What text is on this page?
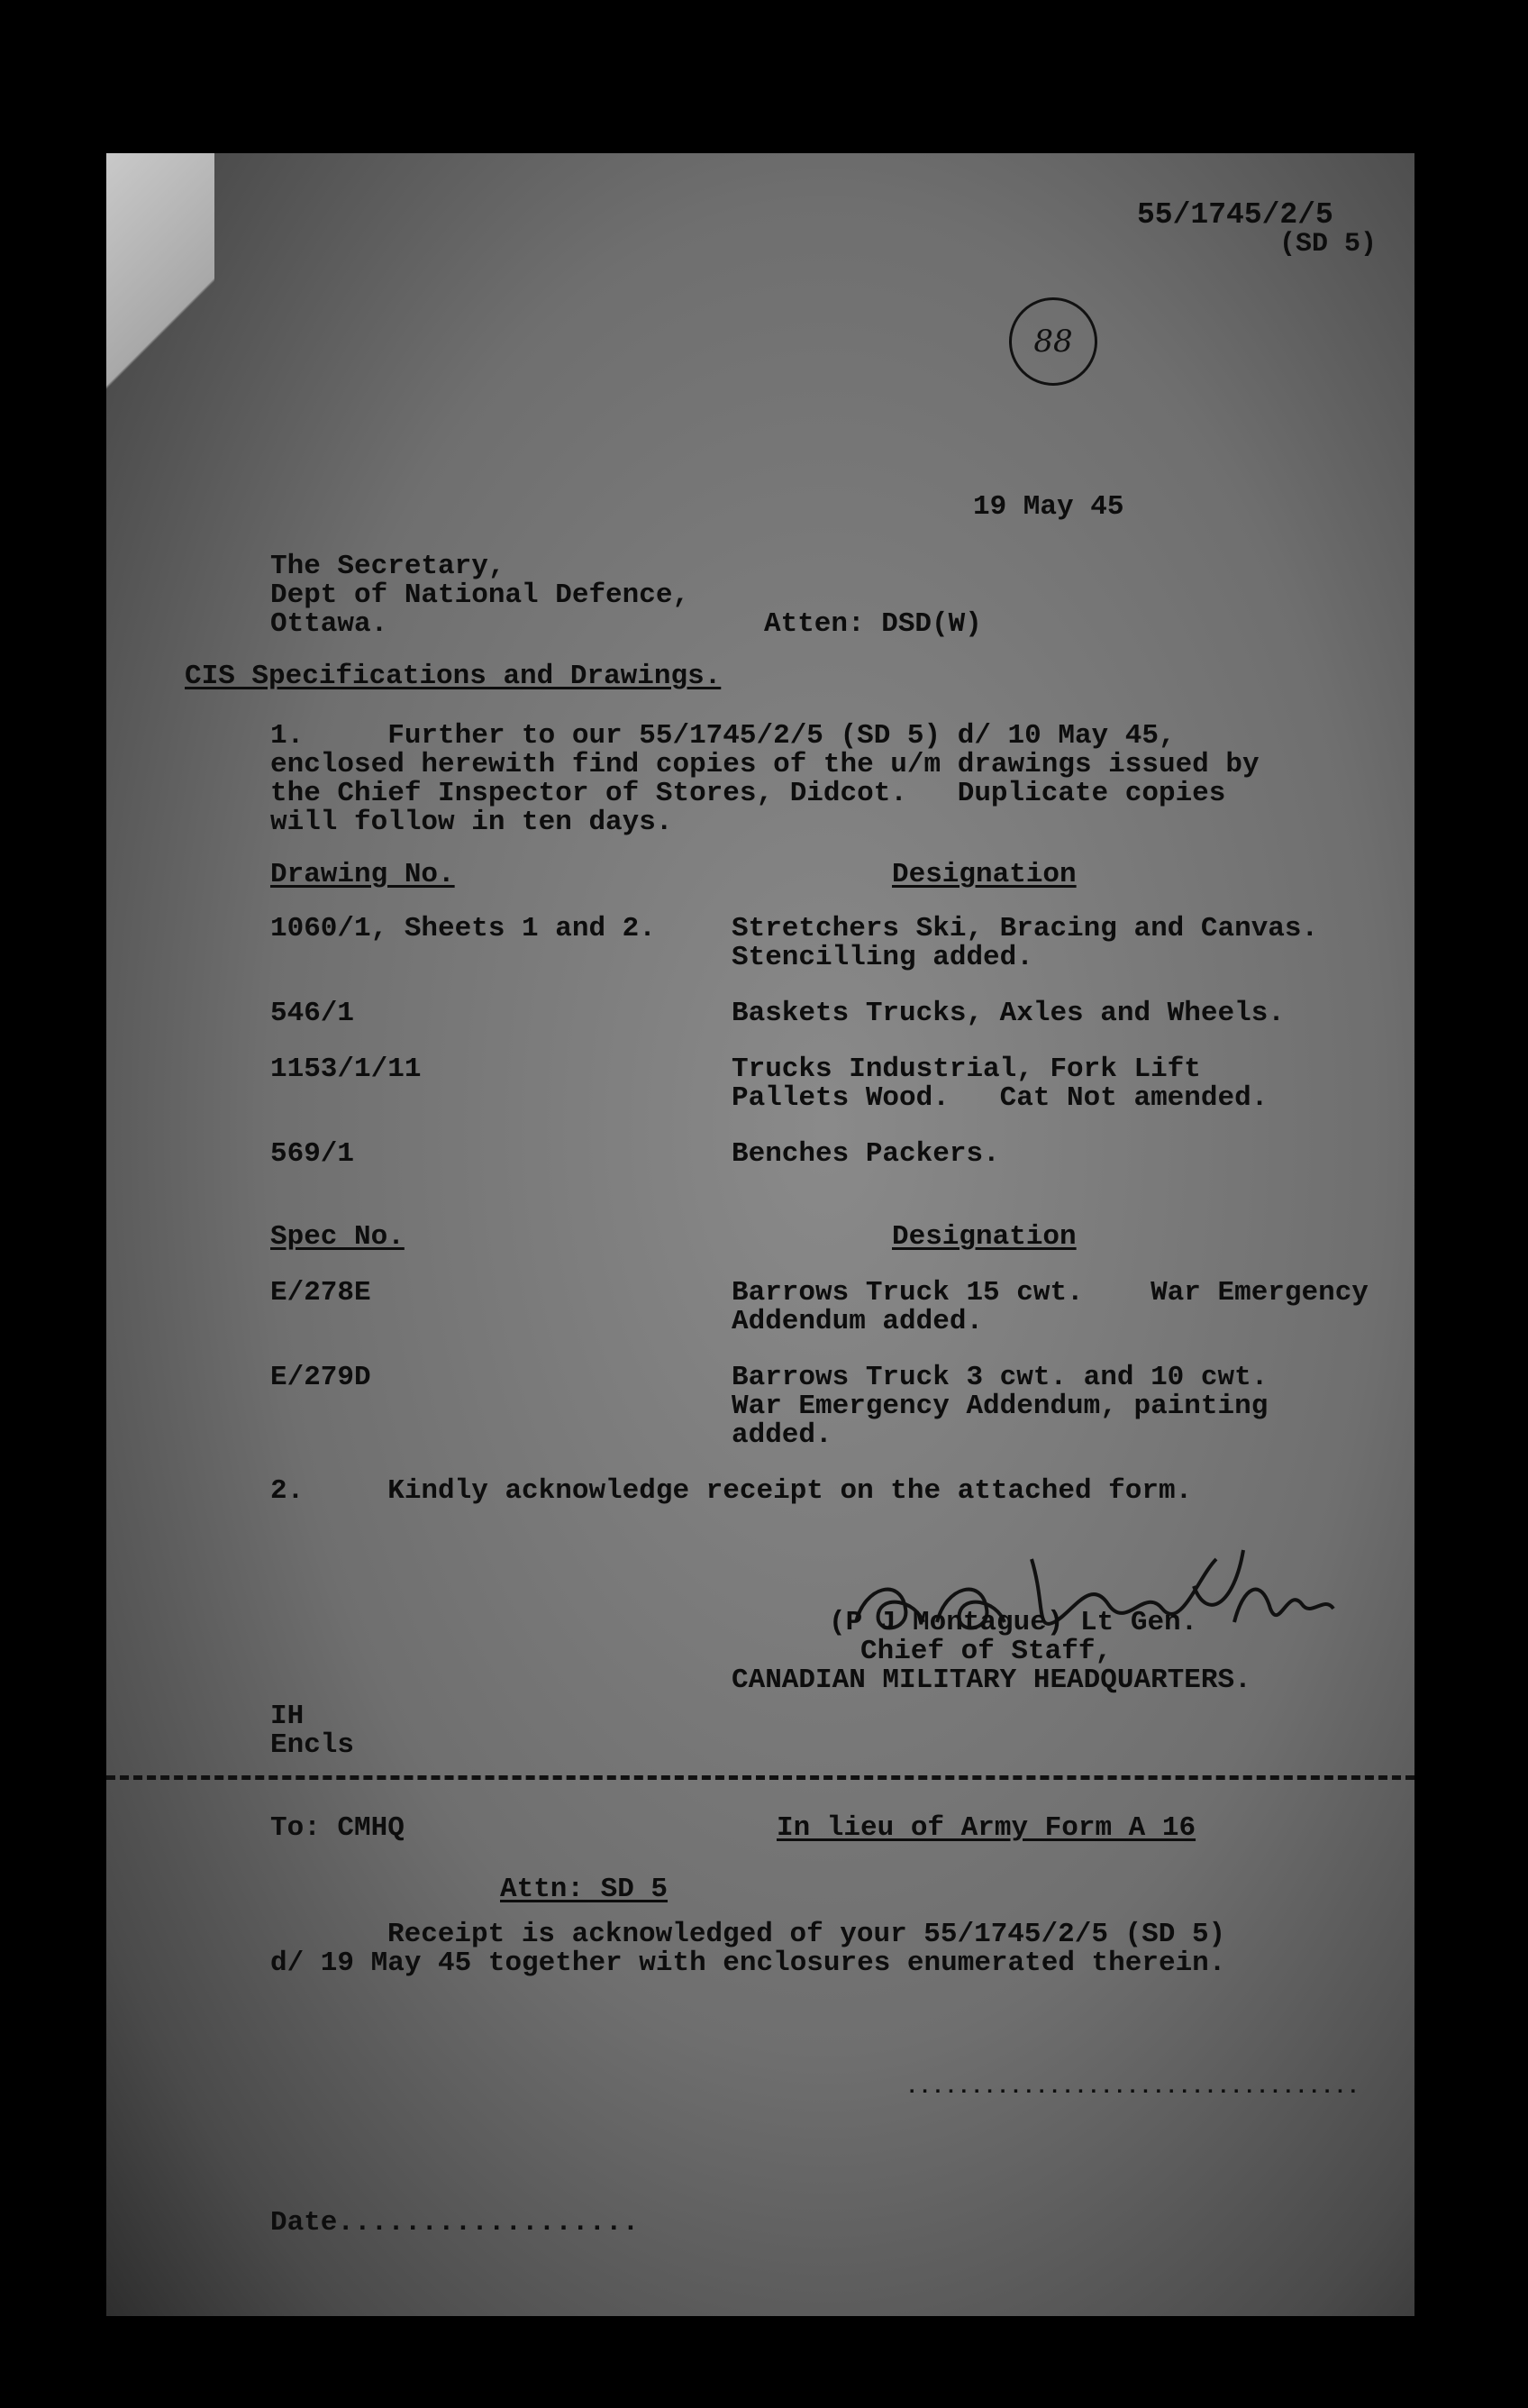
55/1745/2/5
(SD 5)
88
19 May 45
The Secretary,
Dept of National Defence,
Ottawa.	Atten: DSD(W)
CIS Specifications and Drawings.
1.     Further to our 55/1745/2/5 (SD 5) d/ 10 May 45,
enclosed herewith find copies of the u/m drawings issued by
the Chief Inspector of Stores, Didcot.   Duplicate copies
will follow in ten days.
Drawing No.	Designation
1060/1, Sheets 1 and 2.	Stretchers Ski, Bracing and Canvas.
Stencilling added.
546/1	Baskets Trucks, Axles and Wheels.
1153/1/11	Trucks Industrial, Fork Lift
Pallets Wood.   Cat Not amended.
569/1	Benches Packers.
Spec No.	Designation
E/278E	Barrows Truck 15 cwt.    War Emergency
Addendum added.
E/279D	Barrows Truck 3 cwt. and 10 cwt.
War Emergency Addendum, painting
added.
2.     Kindly acknowledge receipt on the attached form.
(P J Montague) Lt Gen.
Chief of Staff,
CANADIAN MILITARY HEADQUARTERS.
IH
Encls
To: CMHQ	In lieu of Army Form A 16
Attn: SD 5
Receipt is acknowledged of your 55/1745/2/5 (SD 5)
d/ 19 May 45 together with enclosures enumerated therein.
...................................
Date..................
